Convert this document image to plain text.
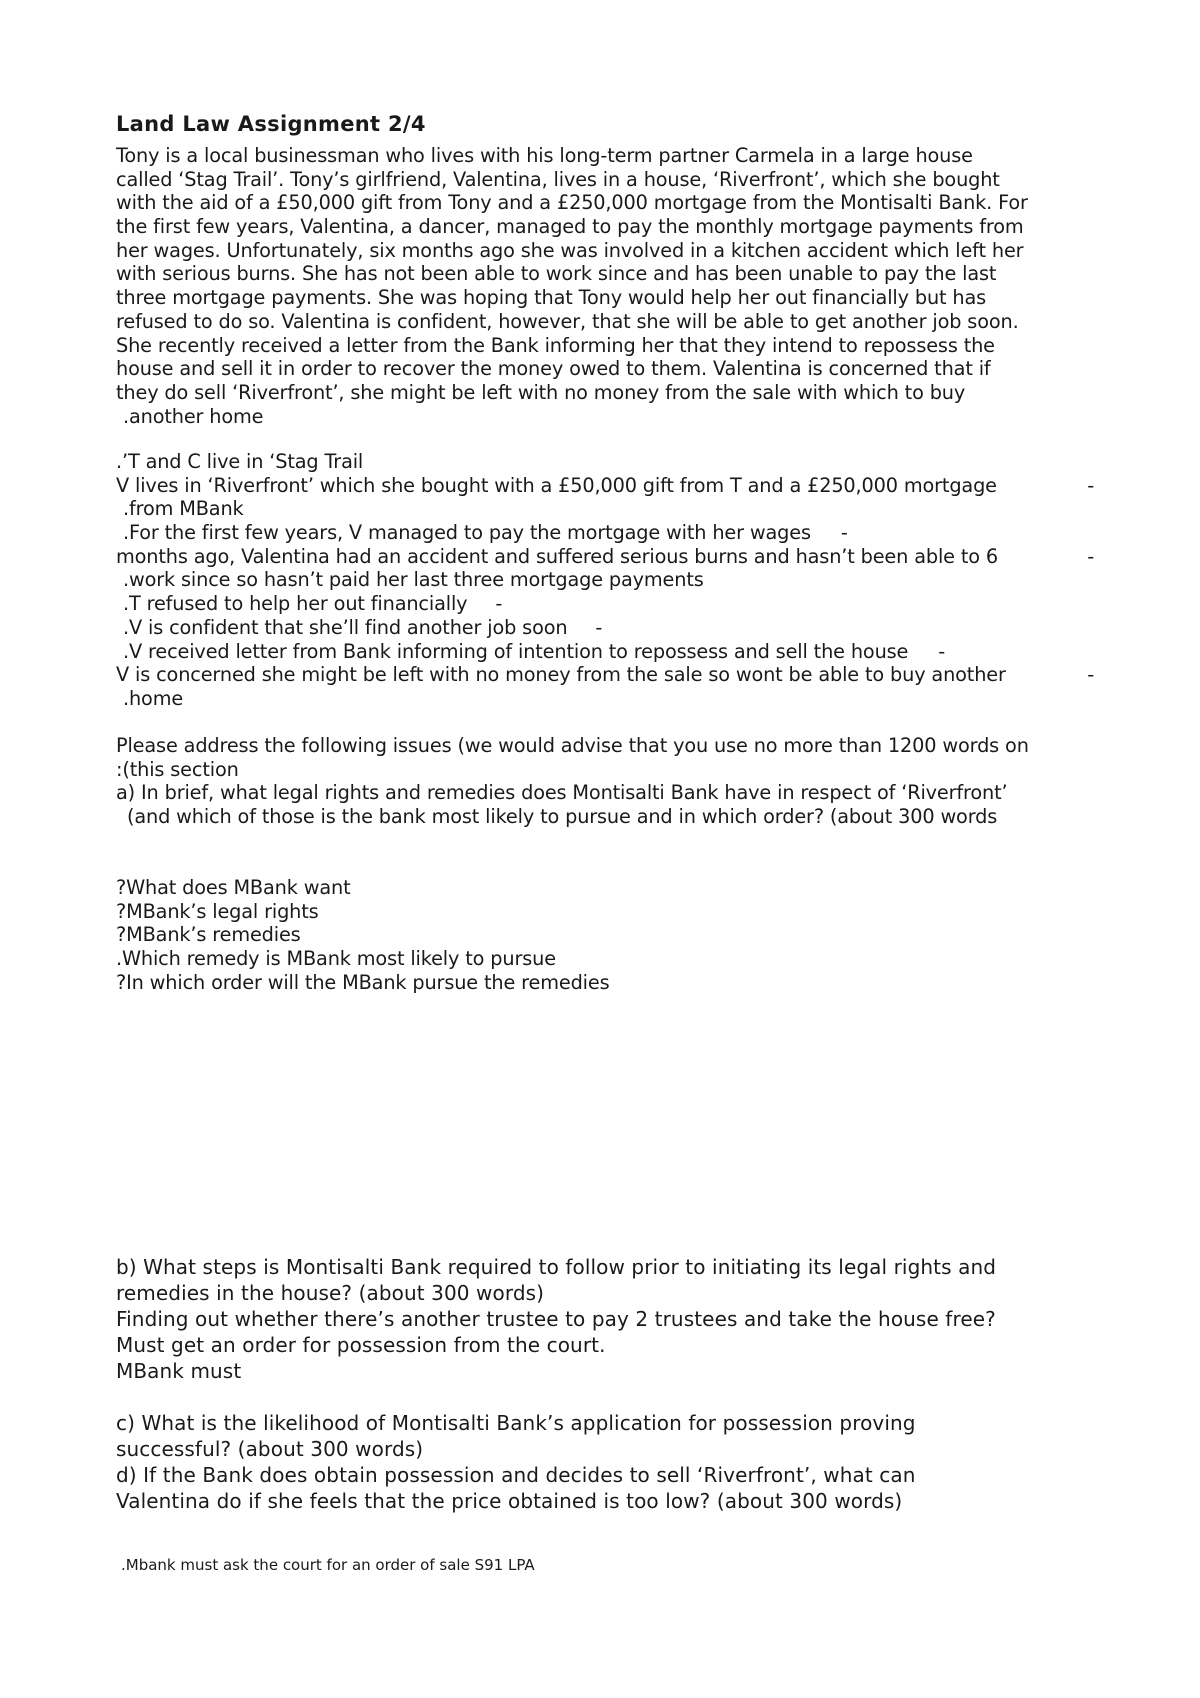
Land Law Assignment 2/4
Tony is a local businessman who lives with his long-term partner Carmela in a large house
called ‘Stag Trail’. Tony’s girlfriend, Valentina, lives in a house, ‘Riverfront’, which she bought
with the aid of a £50,000 gift from Tony and a £250,000 mortgage from the Montisalti Bank. For
the first few years, Valentina, a dancer, managed to pay the monthly mortgage payments from
her wages. Unfortunately, six months ago she was involved in a kitchen accident which left her
with serious burns. She has not been able to work since and has been unable to pay the last
three mortgage payments. She was hoping that Tony would help her out financially but has
refused to do so. Valentina is confident, however, that she will be able to get another job soon.
She recently received a letter from the Bank informing her that they intend to repossess the
house and sell it in order to recover the money owed to them. Valentina is concerned that if
they do sell ‘Riverfront’, she might be left with no money from the sale with which to buy
.another home
.’T and C live in ‘Stag Trail
V lives in ‘Riverfront’ which she bought with a £50,000 gift from T and a £250,000 mortgage	-
.from MBank
.For the first few years, V managed to pay the mortgage with her wages -
months ago, Valentina had an accident and suffered serious burns and hasn’t been able to 6	-
.work since so hasn’t paid her last three mortgage payments
.T refused to help her out financially -
.V is confident that she’ll find another job soon -
.V received letter from Bank informing of intention to repossess and sell the house -
V is concerned she might be left with no money from the sale so wont be able to buy another	-
.home
Please address the following issues (we would advise that you use no more than 1200 words on
:(this section
a) In brief, what legal rights and remedies does Montisalti Bank have in respect of ‘Riverfront’
(and which of those is the bank most likely to pursue and in which order? (about 300 words
?What does MBank want
?MBank’s legal rights
?MBank’s remedies
.Which remedy is MBank most likely to pursue
?In which order will the MBank pursue the remedies
b) What steps is Montisalti Bank required to follow prior to initiating its legal rights and
remedies in the house? (about 300 words)
Finding out whether there’s another trustee to pay 2 trustees and take the house free?
Must get an order for possession from the court.
MBank must
c) What is the likelihood of Montisalti Bank’s application for possession proving
successful? (about 300 words)
d) If the Bank does obtain possession and decides to sell ‘Riverfront’, what can
Valentina do if she feels that the price obtained is too low? (about 300 words)
.Mbank must ask the court for an order of sale S91 LPA
